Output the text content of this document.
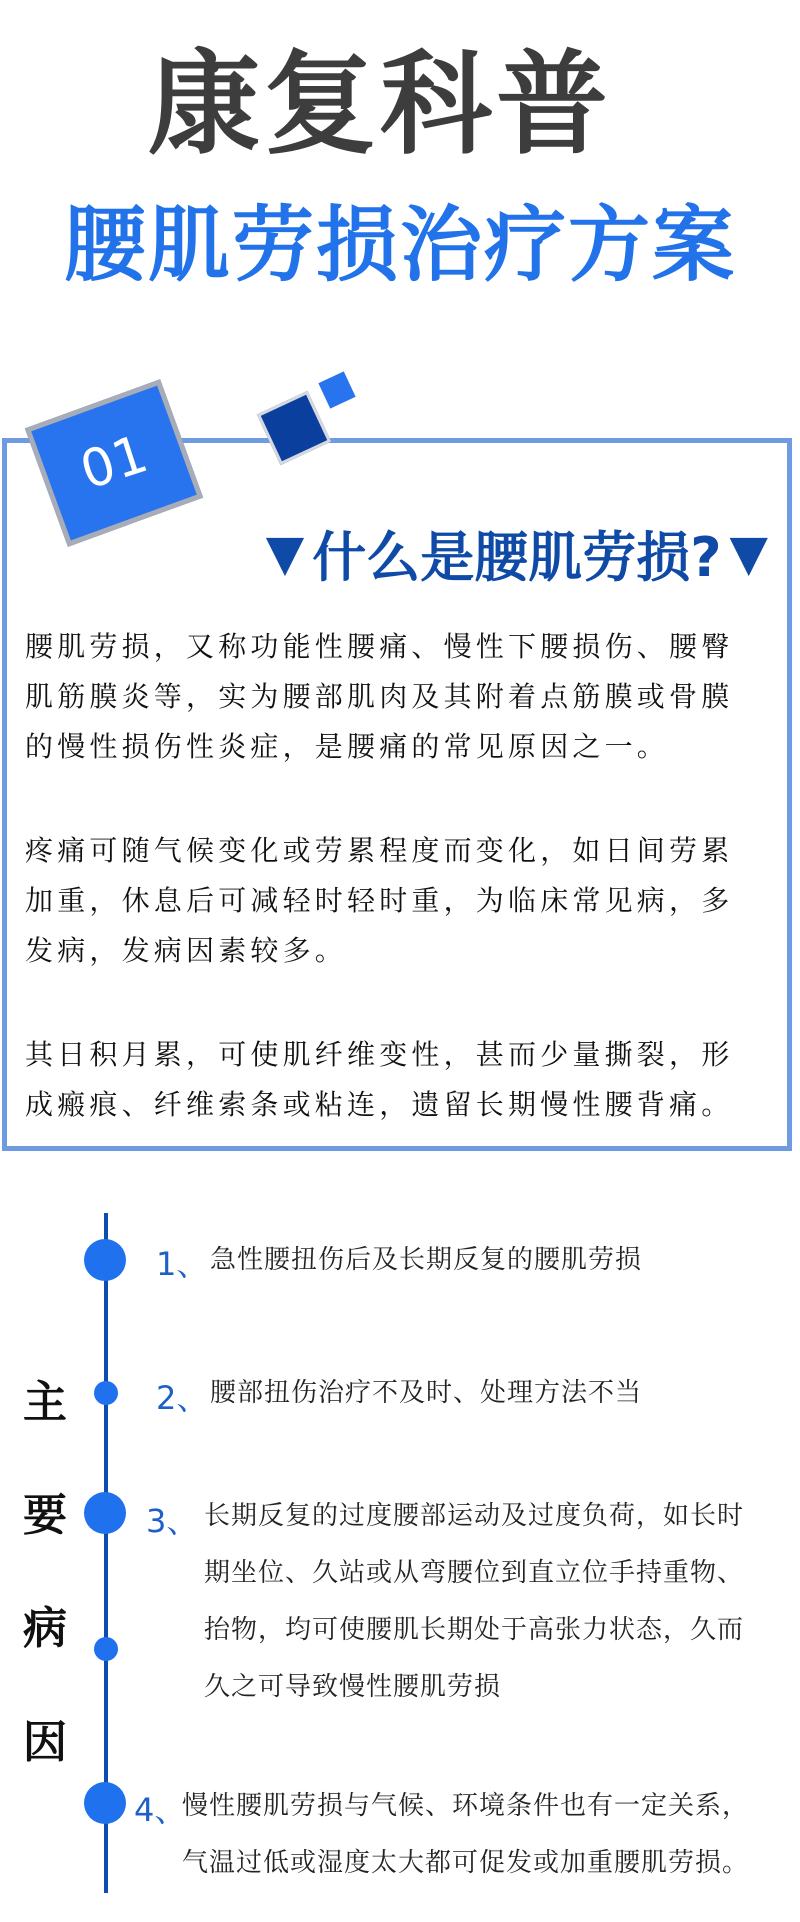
康复科普
腰肌劳损治疗方案
01
▼ 什么是腰肌劳损? ▼
腰肌劳损，又称功能性腰痛、慢性下腰损伤、腰臀
肌筋膜炎等，实为腰部肌肉及其附着点筋膜或骨膜
的慢性损伤性炎症，是腰痛的常见原因之一。
疼痛可随气候变化或劳累程度而变化，如日间劳累
加重，休息后可减轻时轻时重，为临床常见病，多
发病，发病因素较多。
其日积月累，可使肌纤维变性，甚而少量撕裂，形
成瘢痕、纤维索条或粘连，遗留长期慢性腰背痛。
主
要
病
因
1、 急性腰扭伤后及长期反复的腰肌劳损
2、 腰部扭伤治疗不及时、处理方法不当
3、 长期反复的过度腰部运动及过度负荷，如长时
期坐位、久站或从弯腰位到直立位手持重物、
抬物，均可使腰肌长期处于高张力状态，久而
久之可导致慢性腰肌劳损
4、
慢性腰肌劳损与气候、环境条件也有一定关系，
气温过低或湿度太大都可促发或加重腰肌劳损。
